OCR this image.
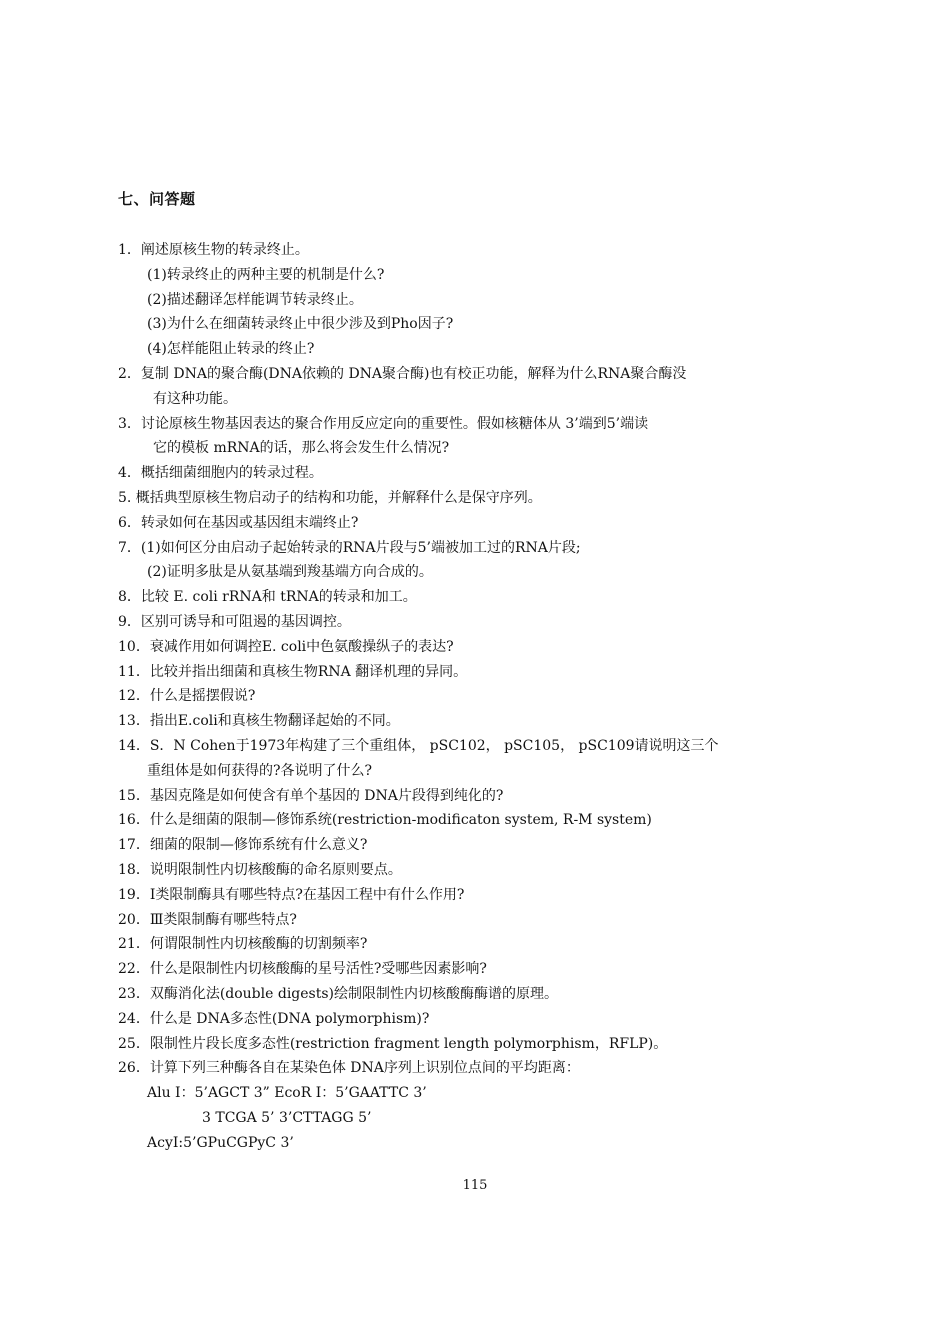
七、问答题
1．阐述原核生物的转录终止。
(1)转录终止的两种主要的机制是什么?
(2)描述翻译怎样能调节转录终止。
(3)为什么在细菌转录终止中很少涉及到Pho因子?
(4)怎样能阻止转录的终止?
2．复制 DNA的聚合酶(DNA依赖的 DNA聚合酶)也有校正功能，解释为什么RNA聚合酶没
有这种功能。
3．讨论原核生物基因表达的聚合作用反应定向的重要性。假如核糖体从 3’端到5’端读
它的模板 mRNA的话，那么将会发生什么情况?
4．概括细菌细胞内的转录过程。
5. 概括典型原核生物启动子的结构和功能，并解释什么是保守序列。
6．转录如何在基因或基因组末端终止?
7．(1)如何区分由启动子起始转录的RNA片段与5’端被加工过的RNA片段;
(2)证明多肽是从氨基端到羧基端方向合成的。
8．比较 E. coli rRNA和 tRNA的转录和加工。
9．区别可诱导和可阻遏的基因调控。
10．衰减作用如何调控E. coli中色氨酸操纵子的表达?
11．比较并指出细菌和真核生物RNA 翻译机理的异同。
12．什么是摇摆假说?
13．指出E.coli和真核生物翻译起始的不同。
14．S．N Cohen于1973年构建了三个重组体， pSC102， pSC105， pSC109请说明这三个
重组体是如何获得的?各说明了什么?
15．基因克隆是如何使含有单个基因的 DNA片段得到纯化的?
16．什么是细菌的限制—修饰系统(restriction-modificaton system, R-M system)
17．细菌的限制—修饰系统有什么意义?
18．说明限制性内切核酸酶的命名原则要点。
19．Ⅰ类限制酶具有哪些特点?在基因工程中有什么作用?
20．Ⅲ类限制酶有哪些特点?
21．何谓限制性内切核酸酶的切割频率?
22．什么是限制性内切核酸酶的星号活性?受哪些因素影响?
23．双酶消化法(double digests)绘制限制性内切核酸酶酶谱的原理。
24．什么是 DNA多态性(DNA polymorphism)?
25．限制性片段长度多态性(restriction fragment length polymorphism，RFLP)。
26．计算下列三种酶各自在某染色体 DNA序列上识别位点间的平均距离：
Alu Ⅰ：5’AGCT 3” EcoR Ⅰ：5’GAATTC 3’
3 TCGA 5’ 3’CTTAGG 5’
AcyⅠ:5’GPuCGPyC 3’
115
